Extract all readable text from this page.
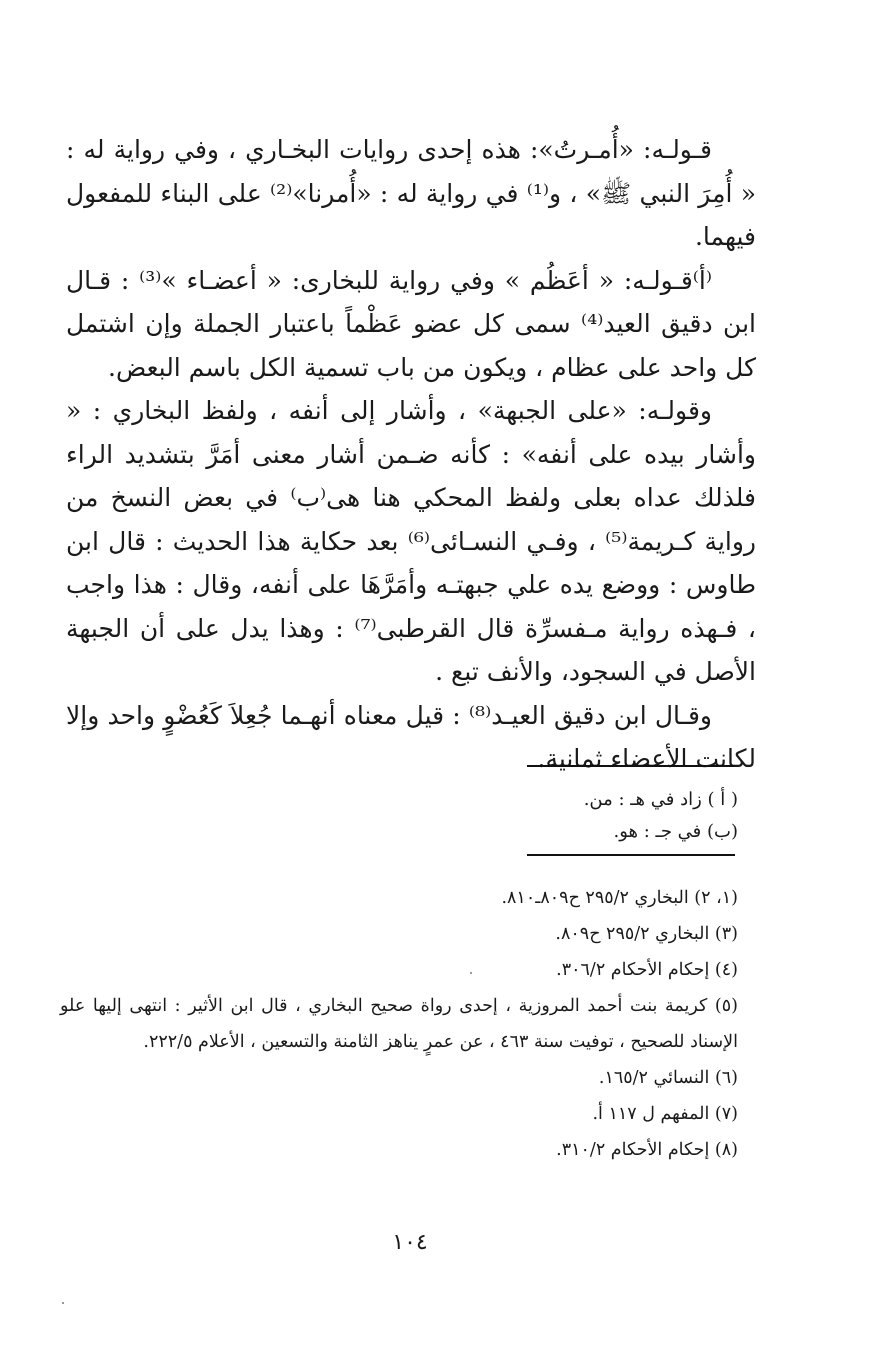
قـولـه: «أُمـرتُ»: هذه إحدى روايات البخـاري ، وفي رواية له : « أُمِرَ النبي ﷺ» ، و⁽¹⁾ في رواية له : «أُمرنا»⁽²⁾ على البناء للمفعول فيهما.

⁽أ⁾قـولـه: « أعَظُم » وفي رواية للبخارى: « أعضـاء »⁽³⁾ : قـال ابن دقيق العيد⁽⁴⁾ سمى كل عضو عَظْماً باعتبار الجملة وإن اشتمل كل واحد على عظام ، ويكون من باب تسمية الكل باسم البعض.

وقولـه: «على الجبهة» ، وأشار إلى أنفه ، ولفظ البخاري : « وأشار بيده على أنفه» : كأنه ضـمن أشار معنى أمَرَّ بتشديد الراء فلذلك عداه بعلى ولفظ المحكي هنا هى⁽ب⁾ في بعض النسخ من رواية كـريمة⁽⁵⁾ ، وفـي النسـائى⁽⁶⁾ بعد حكاية هذا الحديث : قال ابن طاوس : ووضع يده علي جبهتـه وأمَرَّهَا على أنفه، وقال : هذا واجب ، فـهذه رواية مـفسرِّة قال القرطبى⁽⁷⁾ : وهذا يدل على أن الجبهة الأصل في السجود، والأنف تبع .

وقـال ابن دقيق العيـد⁽⁸⁾ : قيل معناه أنهـما جُعِلاَ كَعُضْوٍ واحد وإلا لكانت الأعضاء ثمانية.

( أ ) زاد في هـ : من.
(ب) في جـ : هو.
(١، ٢) البخاري ٢٩٥/٢ ح٨٠٩ـ٨١٠.
(٣) البخاري ٢٩٥/٢ ح٨٠٩.
(٤) إحكام الأحكام ٣٠٦/٢.
(٥) كريمة بنت أحمد المروزية ، إحدى رواة صحيح البخاري ، قال ابن الأثير : انتهى إليها علو الإسناد للصحيح ، توفيت سنة ٤٦٣ ، عن عمرٍ يناهز الثامنة والتسعين ، الأعلام ٢٢٢/٥.
(٦) النسائي ١٦٥/٢.
(٧) المفهم ل ١١٧ أ.
(٨) إحكام الأحكام ٣١٠/٢.
١٠٤
